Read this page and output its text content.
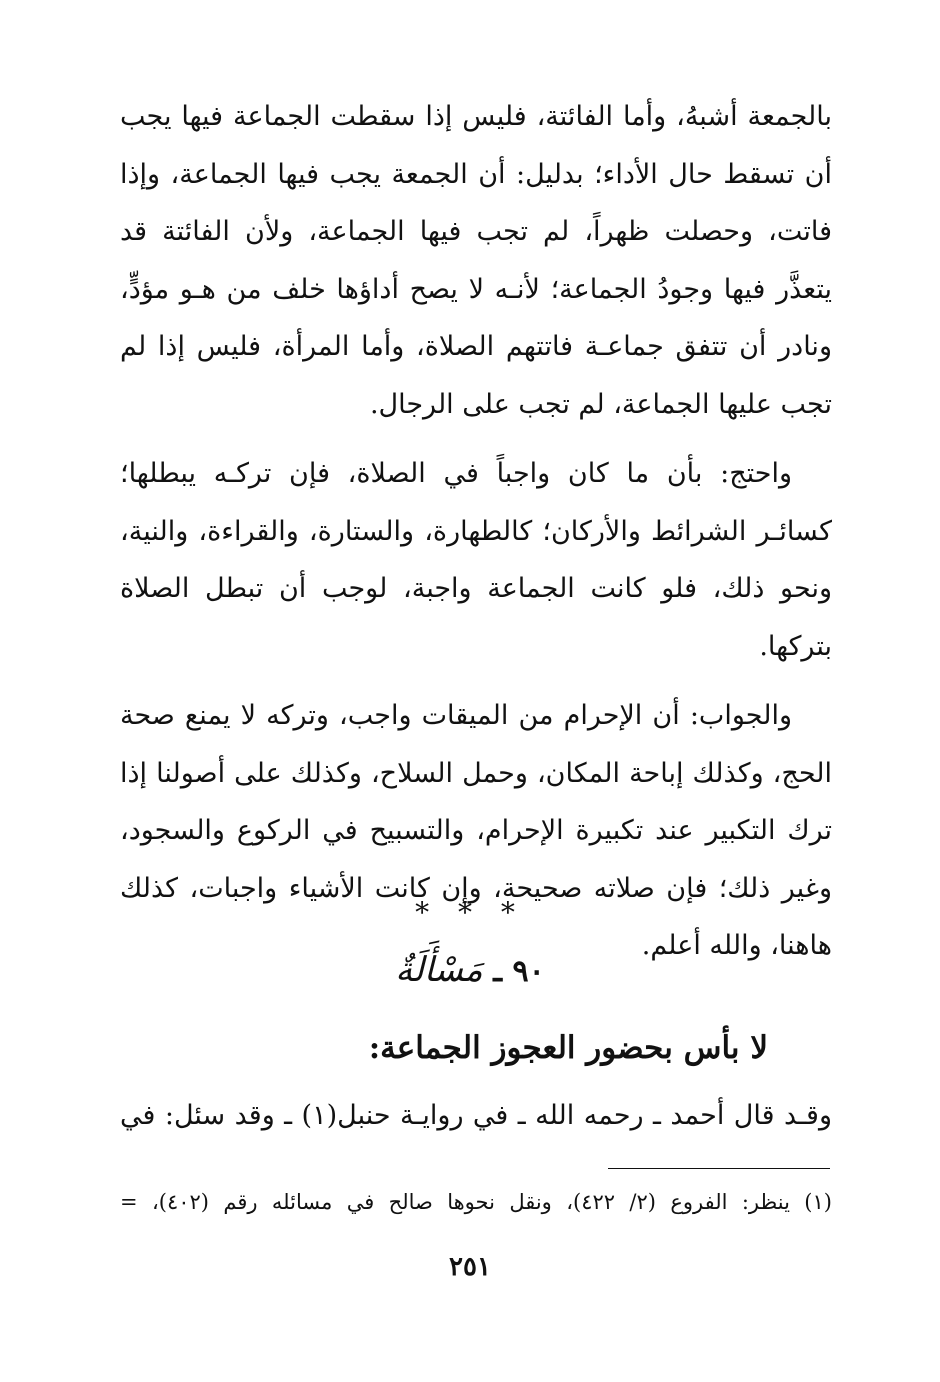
بالجمعة أشبهُ، وأما الفائتة، فليس إذا سقطت الجماعة فيها يجب أن تسقط حال الأداء؛ بدليل: أن الجمعة يجب فيها الجماعة، وإذا فاتت، وحصلت ظهراً، لم تجب فيها الجماعة، ولأن الفائتة قد يتعذَّر فيها وجودُ الجماعة؛ لأنـه لا يصح أداؤها خلف من هـو مؤدٍّ، ونادر أن تتفق جماعـة فاتتهم الصلاة، وأما المرأة، فليس إذا لم تجب عليها الجماعة، لم تجب على الرجال.

واحتج: بأن ما كان واجباً في الصلاة، فإن تركـه يبطلها؛ كسائـر الشرائط والأركان؛ كالطهارة، والستارة، والقراءة، والنية، ونحو ذلك، فلو كانت الجماعة واجبة، لوجب أن تبطل الصلاة بتركها.

والجواب: أن الإحرام من الميقات واجب، وتركه لا يمنع صحة الحج، وكذلك إباحة المكان، وحمل السلاح، وكذلك على أصولنا إذا ترك التكبير عند تكبيرة الإحرام، والتسبيح في الركوع والسجود، وغير ذلك؛ فإن صلاته صحيحة، وإن كانت الأشياء واجبات، كذلك هاهنا، والله أعلم.

* * *
٩٠ ـ مَسْأَلَةٌ
لا بأس بحضور العجوز الجماعة:
وقـد قال أحمد ـ رحمه الله ـ في روايـة حنبل(١) ـ وقد سئل: في
(١) ينظر: الفروع (٢/ ٤٢٢)، ونقل نحوها صالح في مسائله رقم (٤٠٢)، =
٢٥١
